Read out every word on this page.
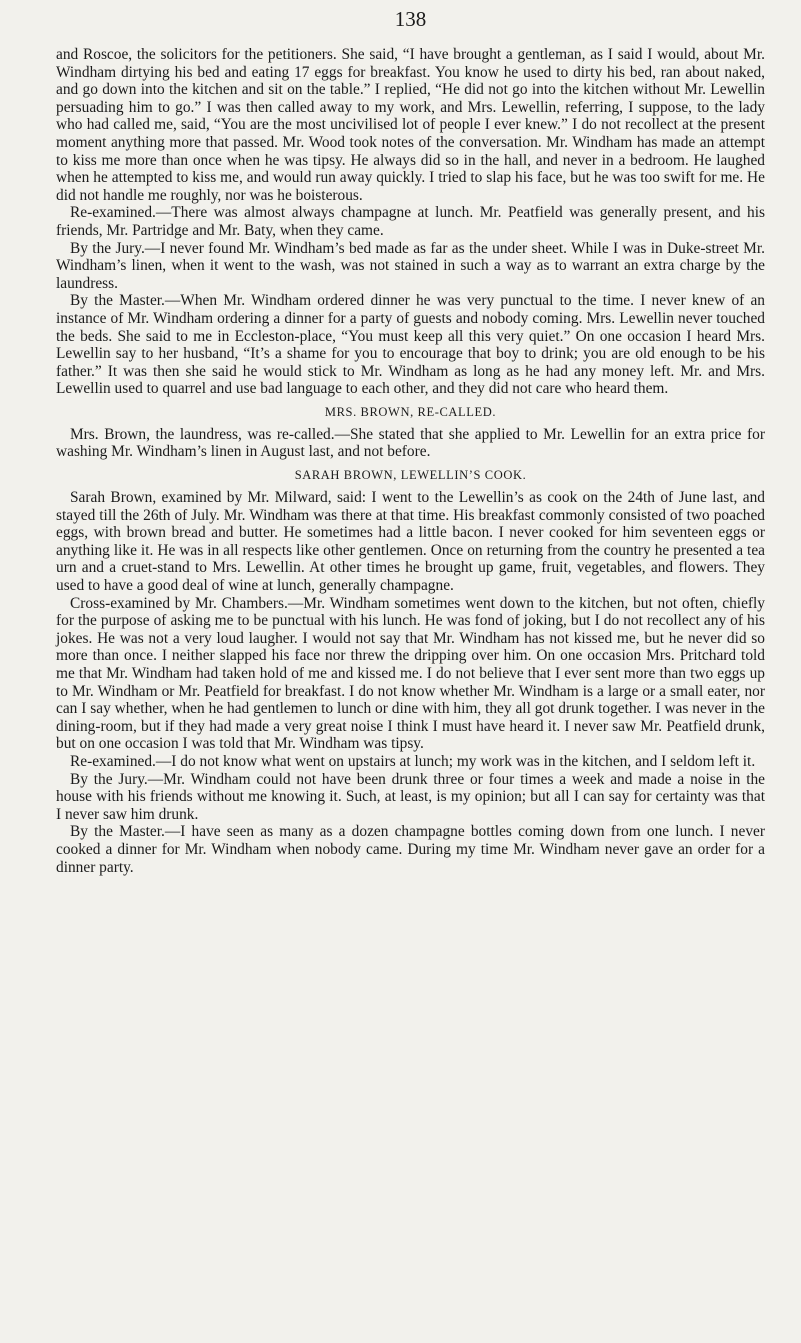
138

and Roscoe, the solicitors for the petitioners. She said, “I have brought a gentleman, as I said I would, about Mr. Windham dirtying his bed and eating 17 eggs for breakfast. You know he used to dirty his bed, ran about naked, and go down into the kitchen and sit on the table.” I replied, “He did not go into the kitchen without Mr. Lewellin persuading him to go.” I was then called away to my work, and Mrs. Lewellin, referring, I suppose, to the lady who had called me, said, “You are the most uncivilised lot of people I ever knew.” I do not recollect at the present moment anything more that passed. Mr. Wood took notes of the conversation. Mr. Windham has made an attempt to kiss me more than once when he was tipsy. He always did so in the hall, and never in a bedroom. He laughed when he attempted to kiss me, and would run away quickly. I tried to slap his face, but he was too swift for me. He did not handle me roughly, nor was he boisterous.

Re-examined.—There was almost always champagne at lunch. Mr. Peatfield was generally present, and his friends, Mr. Partridge and Mr. Baty, when they came.

By the Jury.—I never found Mr. Windham’s bed made as far as the under sheet. While I was in Duke-street Mr. Windham’s linen, when it went to the wash, was not stained in such a way as to warrant an extra charge by the laundress.

By the Master.—When Mr. Windham ordered dinner he was very punctual to the time. I never knew of an instance of Mr. Windham ordering a dinner for a party of guests and nobody coming. Mrs. Lewellin never touched the beds. She said to me in Eccleston-place, “You must keep all this very quiet.” On one occasion I heard Mrs. Lewellin say to her husband, “It’s a shame for you to encourage that boy to drink; you are old enough to be his father.” It was then she said he would stick to Mr. Windham as long as he had any money left. Mr. and Mrs. Lewellin used to quarrel and use bad language to each other, and they did not care who heard them.

MRS. BROWN, RE-CALLED.

Mrs. Brown, the laundress, was re-called.—She stated that she applied to Mr. Lewellin for an extra price for washing Mr. Windham’s linen in August last, and not before.

SARAH BROWN, LEWELLIN’S COOK.

Sarah Brown, examined by Mr. Milward, said: I went to the Lewellin’s as cook on the 24th of June last, and stayed till the 26th of July. Mr. Windham was there at that time. His breakfast commonly consisted of two poached eggs, with brown bread and butter. He sometimes had a little bacon. I never cooked for him seventeen eggs or anything like it. He was in all respects like other gentlemen. Once on returning from the country he presented a tea urn and a cruet-stand to Mrs. Lewellin. At other times he brought up game, fruit, vegetables, and flowers. They used to have a good deal of wine at lunch, generally champagne.

Cross-examined by Mr. Chambers.—Mr. Windham sometimes went down to the kitchen, but not often, chiefly for the purpose of asking me to be punctual with his lunch. He was fond of joking, but I do not recollect any of his jokes. He was not a very loud laugher. I would not say that Mr. Windham has not kissed me, but he never did so more than once. I neither slapped his face nor threw the dripping over him. On one occasion Mrs. Pritchard told me that Mr. Windham had taken hold of me and kissed me. I do not believe that I ever sent more than two eggs up to Mr. Windham or Mr. Peatfield for breakfast. I do not know whether Mr. Windham is a large or a small eater, nor can I say whether, when he had gentlemen to lunch or dine with him, they all got drunk together. I was never in the dining-room, but if they had made a very great noise I think I must have heard it. I never saw Mr. Peatfield drunk, but on one occasion I was told that Mr. Windham was tipsy.

Re-examined.—I do not know what went on upstairs at lunch; my work was in the kitchen, and I seldom left it.

By the Jury.—Mr. Windham could not have been drunk three or four times a week and made a noise in the house with his friends without me knowing it. Such, at least, is my opinion; but all I can say for certainty was that I never saw him drunk.

By the Master.—I have seen as many as a dozen champagne bottles coming down from one lunch. I never cooked a dinner for Mr. Windham when nobody came. During my time Mr. Windham never gave an order for a dinner party.
